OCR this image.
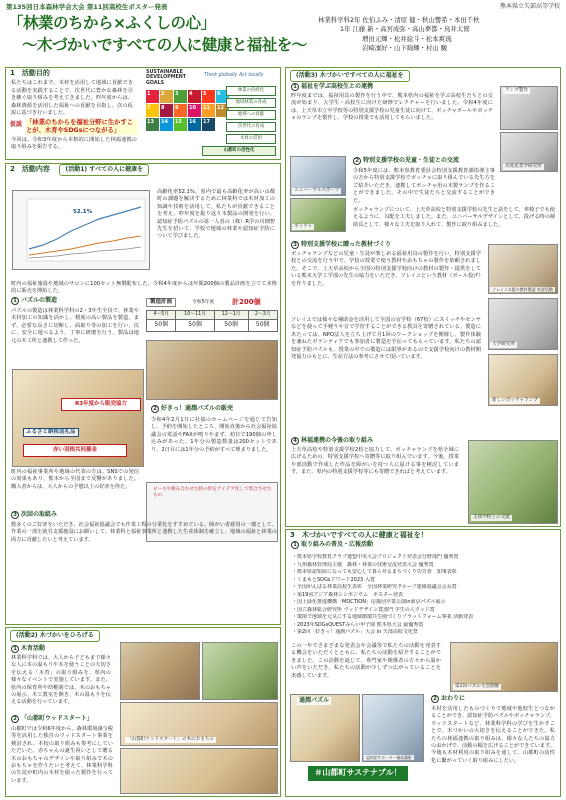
第135回日本森林学会大会 第11回高校生ポスター発表	熊本県立矢部高等学校
「林業のちから×ふくしの心」
～木づかいですべての人に健康と福祉を～
林業科学科2年 佐伯ふみ・清原 健・秋山響希・本田千秋
1年 江藤 新・高宮成弥・高山夢都・鳥井太賀
増田元輝・松井絵斗・松本爽琉
岩崎凜好・山下絢輝・村山 駿
1　活動目的
私たちはこれまで、木材を活用して地域に貢献できる活動を実践することで、次世代に豊かな森林を引き継ぐ取り組みを考えてきました。昨年度からは、森林資源を活用した福祉への貢献を目指し、次の仮説に基づき行いました。
仮説 「林業のちからを福祉分野に生かすことが、木育やSDGsにつながる」
今回は、令和3年度から本格的に開始した林福連携の取り組みを報告する。
SUSTAINABLE DEVELOPMENT GOALS
Think globally Act locally
1	2	3	4	5	6
7	8	9	10	11	12
13	14	15	16	17
林業の持続化
地域林業の育成
地域への貢献
次世代の育成
木材の活用
山都町の活性化
2　活動内容	(活動1) すべての人に健康を
52.1%
高齢化率52.1%、県内で最も高齢化率が高い山都町の課題を解決するために林業科では木材加工の知識や技術を活用して、私たちが貢献できることを考え、昨年度を振り返り木製品の開発を行い、認知症予防パズルの第一人者の（株）R学の川畑智先生を招いて、学校で地域の林業や認知症予防について学びました。
町内の福祉施設や地域のサロンに100セット無償配布した。令和4年度からは年間200個の製品計画を立てて本格的に販売を開始した。
1 バズルの製造
パズルの製造は林業科学科の2・3年生全員で、林業や木材加工の知識を活かし、精度の高い製品を製造。まず、必要な長さに切断し、面取り等の加工を行い、次に、安全に遊べるよう、丁寧に研磨を行う。製品は地元の木工所と連携して作った。
製造計画	令和5年度	計200個
4～5月	10～11月	12～1月	2～3月
50個	50個	50個	50個
R3年度から販売協力
ふるさと納税返礼品
赤い羽根共同募金
2 好きっ！通潤パズルの販売
令和4年2月1日に社協のホームページを通じて告知し、予約を開始したところ、開始直後から社会福祉協議会の電話やFAXが鳴りやまず、初日で190個の申し込みがあった。1年分の製造数量は200セットであり、2日目には1年分の予約がすべて埋まりました。
ピースや組み合わせた時の形をアイデア化して集合させたもの
町内の福祉事業所や地域の代表の方は、SNSでの発信の効果もあり、熊本から全国まで反響がありました。購入者からは、大人からの予想以上の好評を得た。
3 次回の取組み
数多くのご好評をいただき、社会福祉協議会でも作業工程の分業化をすすめている。障がい者雇用の一環として、作業の一部を就労支援施設にお願いして、林業科と福祉事業所と連携した生産体制を確立し、地域の福祉と林業の両方に貢献したいと考えています。
(活動2) 木づかいをひろげる
1 木育活動
林業科学科では、大人から子どもまで様々な人に木の温もりや木を使うことの大切さを伝える「木育」の取り組みを、県内の様々なイベントで実施しています。また、県内の保育所や幼稚園では、木のおもちゃの展示、木工教室を開き、木の温もりを伝える活動を行っています。
「山都町ウッドスタート」の木のおもちゃ
2 「山都町ウッドスタート」
山都町では令和6年度から、森林環境譲与税等を活用した独自のウッドスタート事業を検討され、本校の取り組みも参考にしていただいた。赤ちゃんの誕生祝いとして贈る木のおもちゃのデザインや取り組みで木のおもちゃを作りたいと考えて、林業科学科の生徒が町内の木材を使った製作を行っています。
(活動3) 木づかいですべての人に福祉を
1 福祉を学ぶ高校生との連携
昨年度までは、福祉用具の製作を行う中で、熊本県内の福祉を学ぶ高校生たちとの交流が始まり、大学生・高校生に向けた研修でレクチャーを行いました。令和4年度には、上天草市立中学校等の特別支援学校の児童生徒に向けて、ボッチャボールやボッチャのランプを製作し、学校の授業でも活用してもらいました。
ランプ製作
高度産業学研究所
ユニバーサルスポーツ
ボッチャ
2 特別支援学校の児童・生徒との交流
令和5年度には、熊本県教育委員会特別支援教育課指導主事の方から特別支援学校でボッチャに取り組んでいる先生方をご紹介いただき、連携してボッチャ用の木製ランプを作ることができました。その中で生徒たちと交流することができた。
ボッチャランプについて、上天草高校と特別支援学校の先生と話をして、車椅子でも使えるように、勾配を工夫しました。また、ユニバーサルデザインとして、投げる時の補助具として、様々な工夫を取り入れて、製作に取り組みました。
3 特別支援学校に贈った教材づくり
ボッチャランプなどの児童・生徒が楽しめる福祉用具の製作を行い、特別支援学校との交流を行う中で、学校の授業で使う教材やおもちゃの製作を依頼されました。そこで、上天草高校から全国の特別支援学校向けの教材の製作・提供をしている熊本大学工学部の先生の協力をいただき、ソレイユという教材（ボール投げ）を作りました。
ソレイユ支援の教材製造 実習活動
ソレイユでは様々な補助金を活用して全国の盲学校（67校）にスイッチやセンサなどを使って手軽りや音で学習することができる教具を寄贈されている。製造にあたっては、NPO法人を立ち上げて月1回のワークショップを開催し、製作体験を兼ねたボランティアでも参加者に製造を手伝ってもらっています。私たちの認知症予防パズルも、授業の中での製造には限界があるので支援学校向けの教材開発協力のもとに、生産方法の参考にさせて頂いています。
大学研究所
新しいボッチャランプ
4 林福連携の今後の取り組み
上天草高校や特別支援学校2校と協力して、ボッチャランプを県全域に広げるための、特別支援学校へ寄贈等に取り組んでいます。今後、授業や部活動で作成した作品を障がいを持つ人に届ける事を検討しています。また、県内の特別支援学校等にも寄贈できればと考えています。
支援学校との交流
3　木づかいですべての人に健康と福祉を！
1 取り組みの普及・広報活動
・熊本県学校教育クラブ連盟中央大会プロジェクト発表会分野部門 優秀賞
・九州森林管理局主催　森林・林業の技術交流発表大会 優秀賞
・熊本県認知症になっても安心して暮らせるまちづくり功労者　知事表彰
・くまもとSDGsアワード2023 入賞
・全国がんばる林業高校生表彰　全国林業研究グループ連絡協議会会長賞
・第19回アジア森林シンポジウム　ポスター発表
・国土緑化推進機構「MOCTION」応援団卒業公演in東京パズル展示
・国立森林総合研究所 ウッドデザイン賞部門 学生の人ウッド賞
・環境で地域を元気にする地域循環共生圏づくりプラットフォーム事業 活動発表
・2023年SDGsQUESTみらい甲子園 熊本県大会 最優秀賞
・第2回「好きっ！通潤パズル」大会 in 矢部高校文化祭
この一年でさまざまな発表会や会議等で私たちの活動を発表する機会をいただくとともに、私たちの活動を紹介することができました。この活動を通じて、専門家や関係者の方々から温かい声をいただき、私たちの活動が少しずつ広がっていることを実感しています。
第2回パズル大会開催
通潤パズル
認知症サポーター養成講座
2 おわりに
木材を活用したものづくりで地域や他校生とつながることができ、認知症予防パズルやボッチャランプ、ウッドスタートなど、林業科学科の学びを生かすことで、木づかいの大切さを伝えることができた。私たちの林福連携の取り組みは、様々な人たちの協力のおかげで、活動の幅を広げることができています。今後も木材利用の取り組みを通して、山都町の活性化に繋がっていく取り組みにしたい。
＃山都町サステナブル！
